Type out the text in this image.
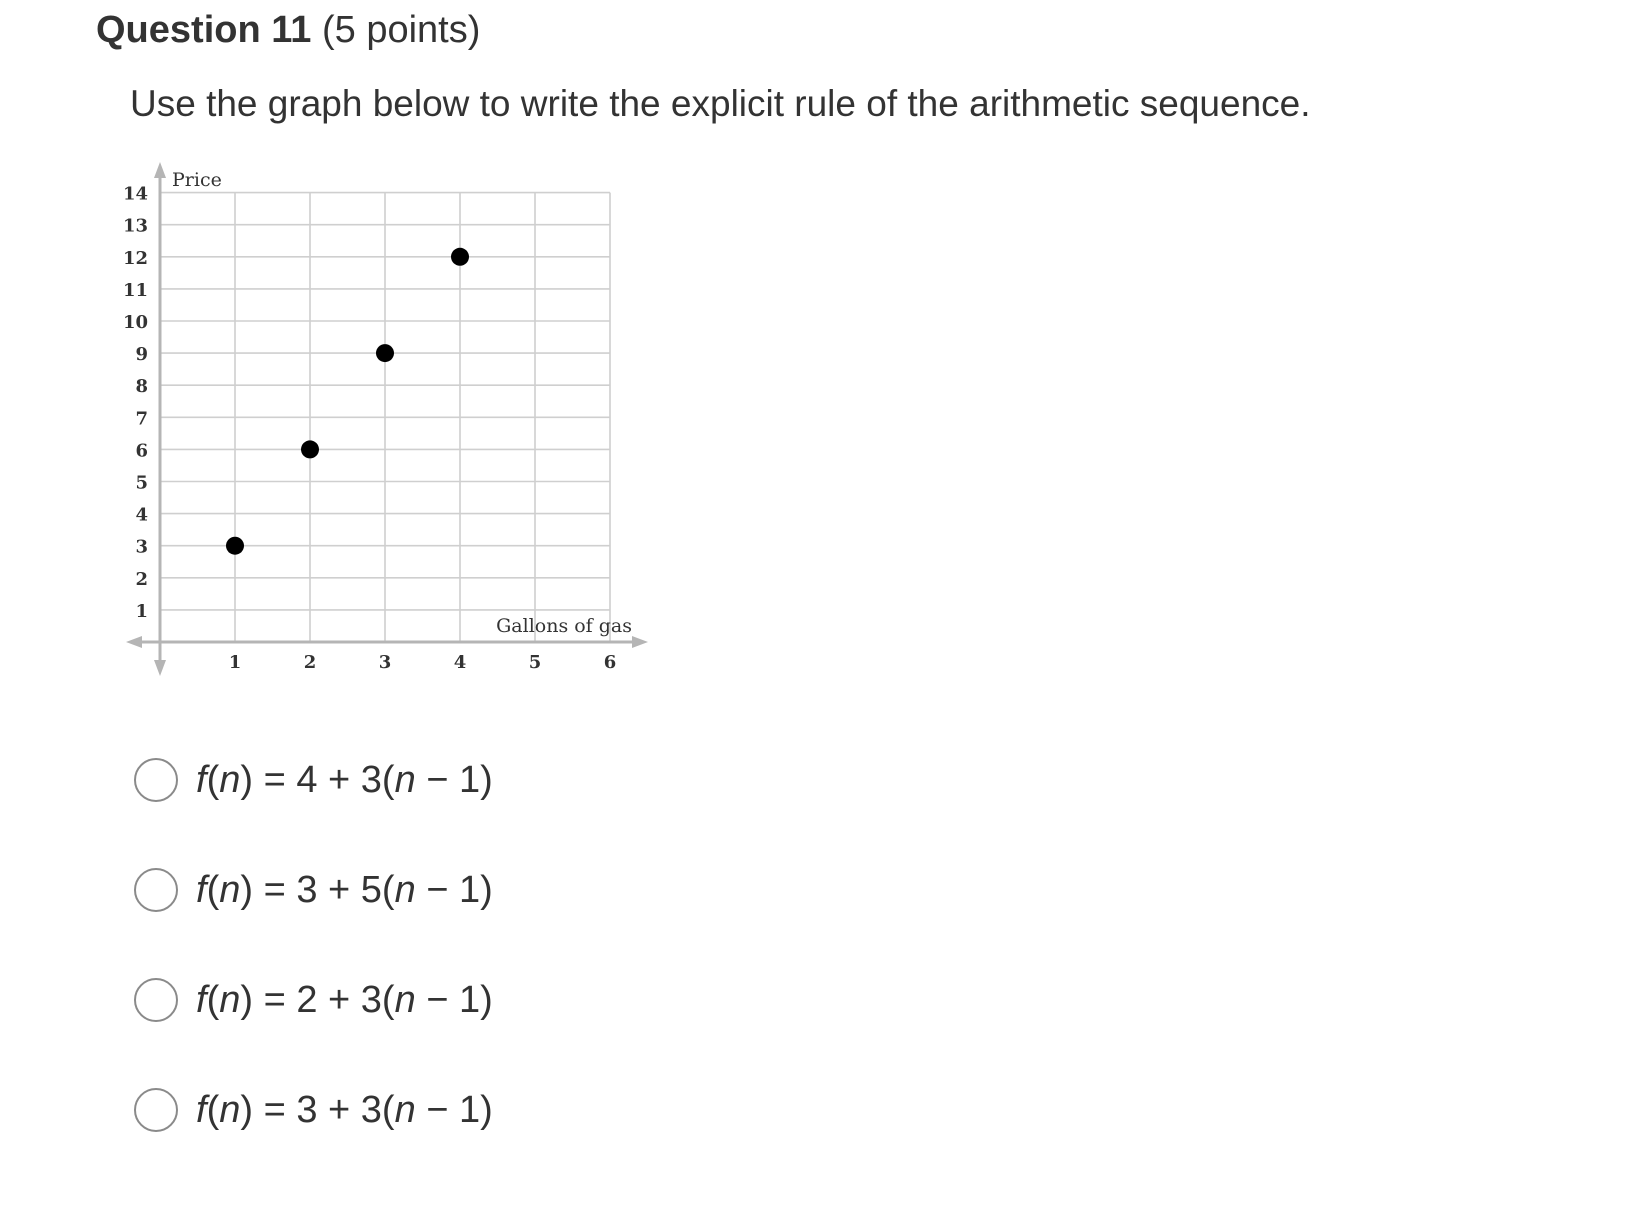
Question 11 (5 points)
Use the graph below to write the explicit rule of the arithmetic sequence.
1
2
3
4
5
6
7
8
9
10
11
12
13
14
1	2	3	4	5	6
Price
Gallons of gas
f(n) = 4 + 3(n − 1)
f(n) = 3 + 5(n − 1)
f(n) = 2 + 3(n − 1)
f(n) = 3 + 3(n − 1)
